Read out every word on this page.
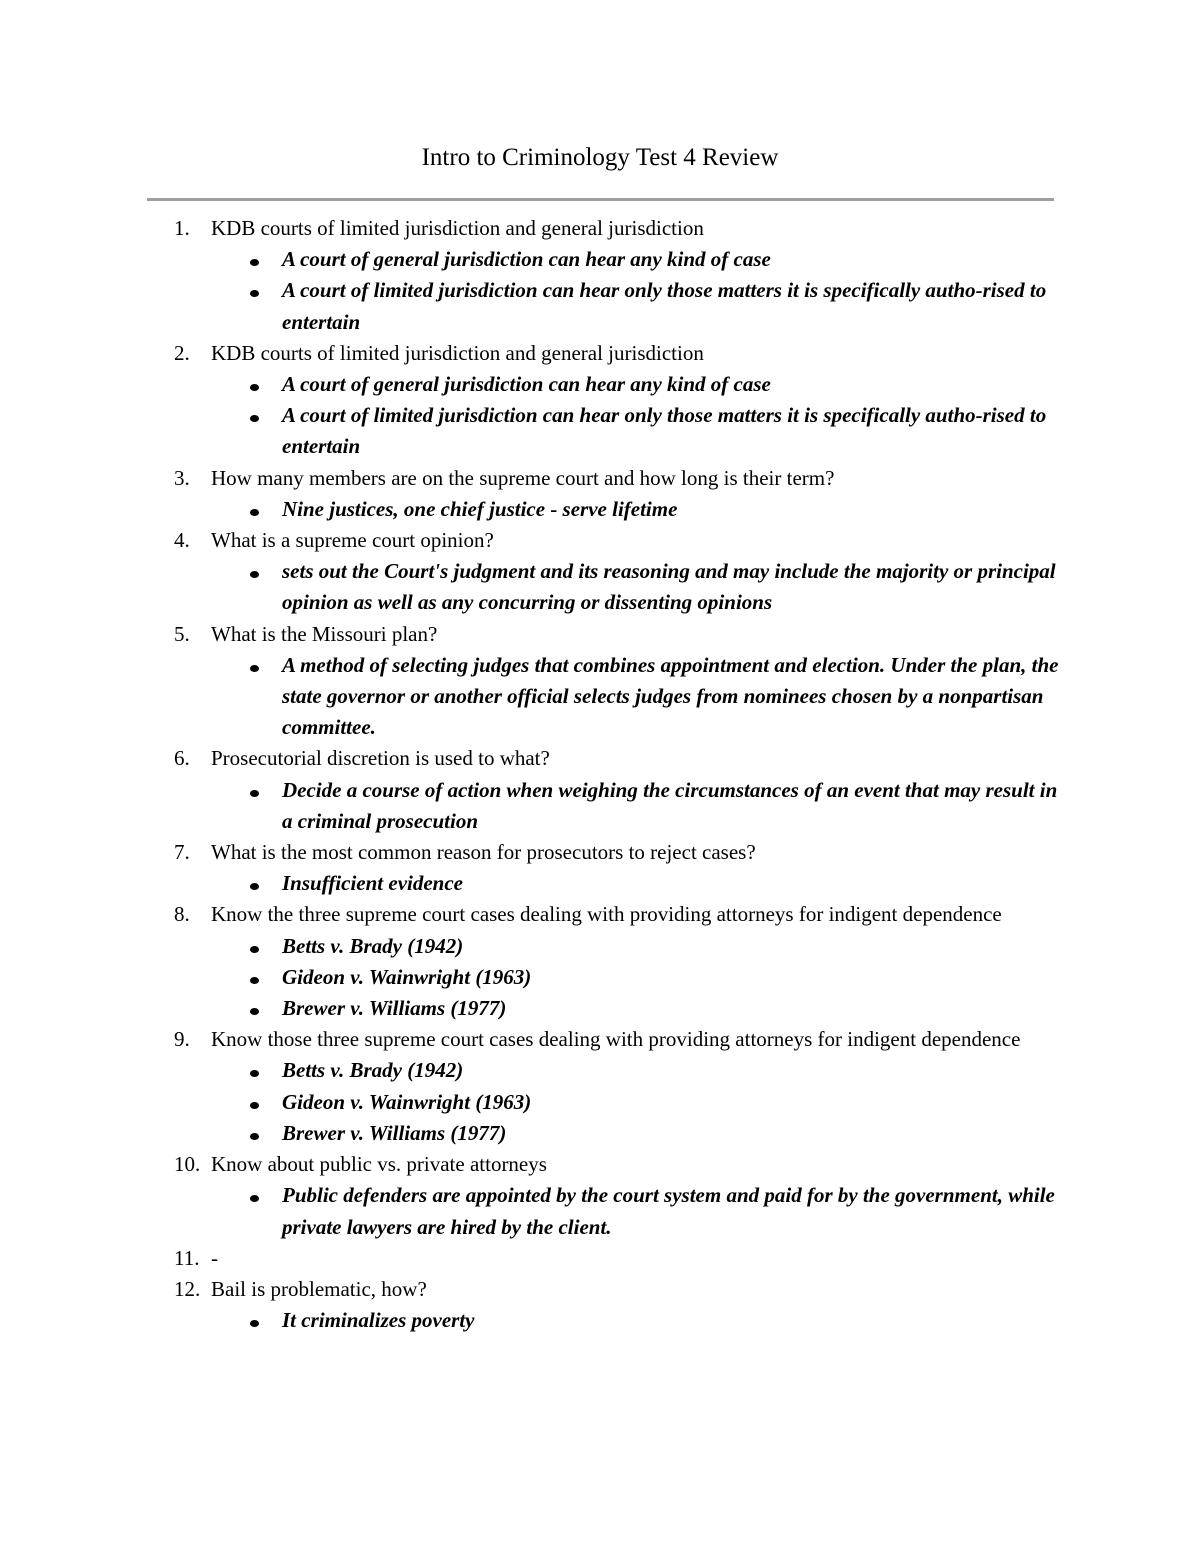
Intro to Criminology Test 4 Review
1. KDB courts of limited jurisdiction and general jurisdiction
A court of general jurisdiction can hear any kind of case
A court of limited jurisdiction can hear only those matters it is specifically autho-rised to entertain
2. KDB courts of limited jurisdiction and general jurisdiction
A court of general jurisdiction can hear any kind of case
A court of limited jurisdiction can hear only those matters it is specifically autho-rised to entertain
3. How many members are on the supreme court and how long is their term?
Nine justices, one chief justice - serve lifetime
4. What is a supreme court opinion?
sets out the Court's judgment and its reasoning and may include the majority or principal opinion as well as any concurring or dissenting opinions
5. What is the Missouri plan?
A method of selecting judges that combines appointment and election. Under the plan, the state governor or another official selects judges from nominees chosen by a nonpartisan committee.
6. Prosecutorial discretion is used to what?
Decide a course of action when weighing the circumstances of an event that may result in a criminal prosecution
7. What is the most common reason for prosecutors to reject cases?
Insufficient evidence
8. Know the three supreme court cases dealing with providing attorneys for indigent dependence
Betts v. Brady (1942)
Gideon v. Wainwright (1963)
Brewer v. Williams (1977)
9. Know those three supreme court cases dealing with providing attorneys for indigent dependence
Betts v. Brady (1942)
Gideon v. Wainwright (1963)
Brewer v. Williams (1977)
10. Know about public vs. private attorneys
Public defenders are appointed by the court system and paid for by the government, while private lawyers are hired by the client.
11. -
12. Bail is problematic, how?
It criminalizes poverty
